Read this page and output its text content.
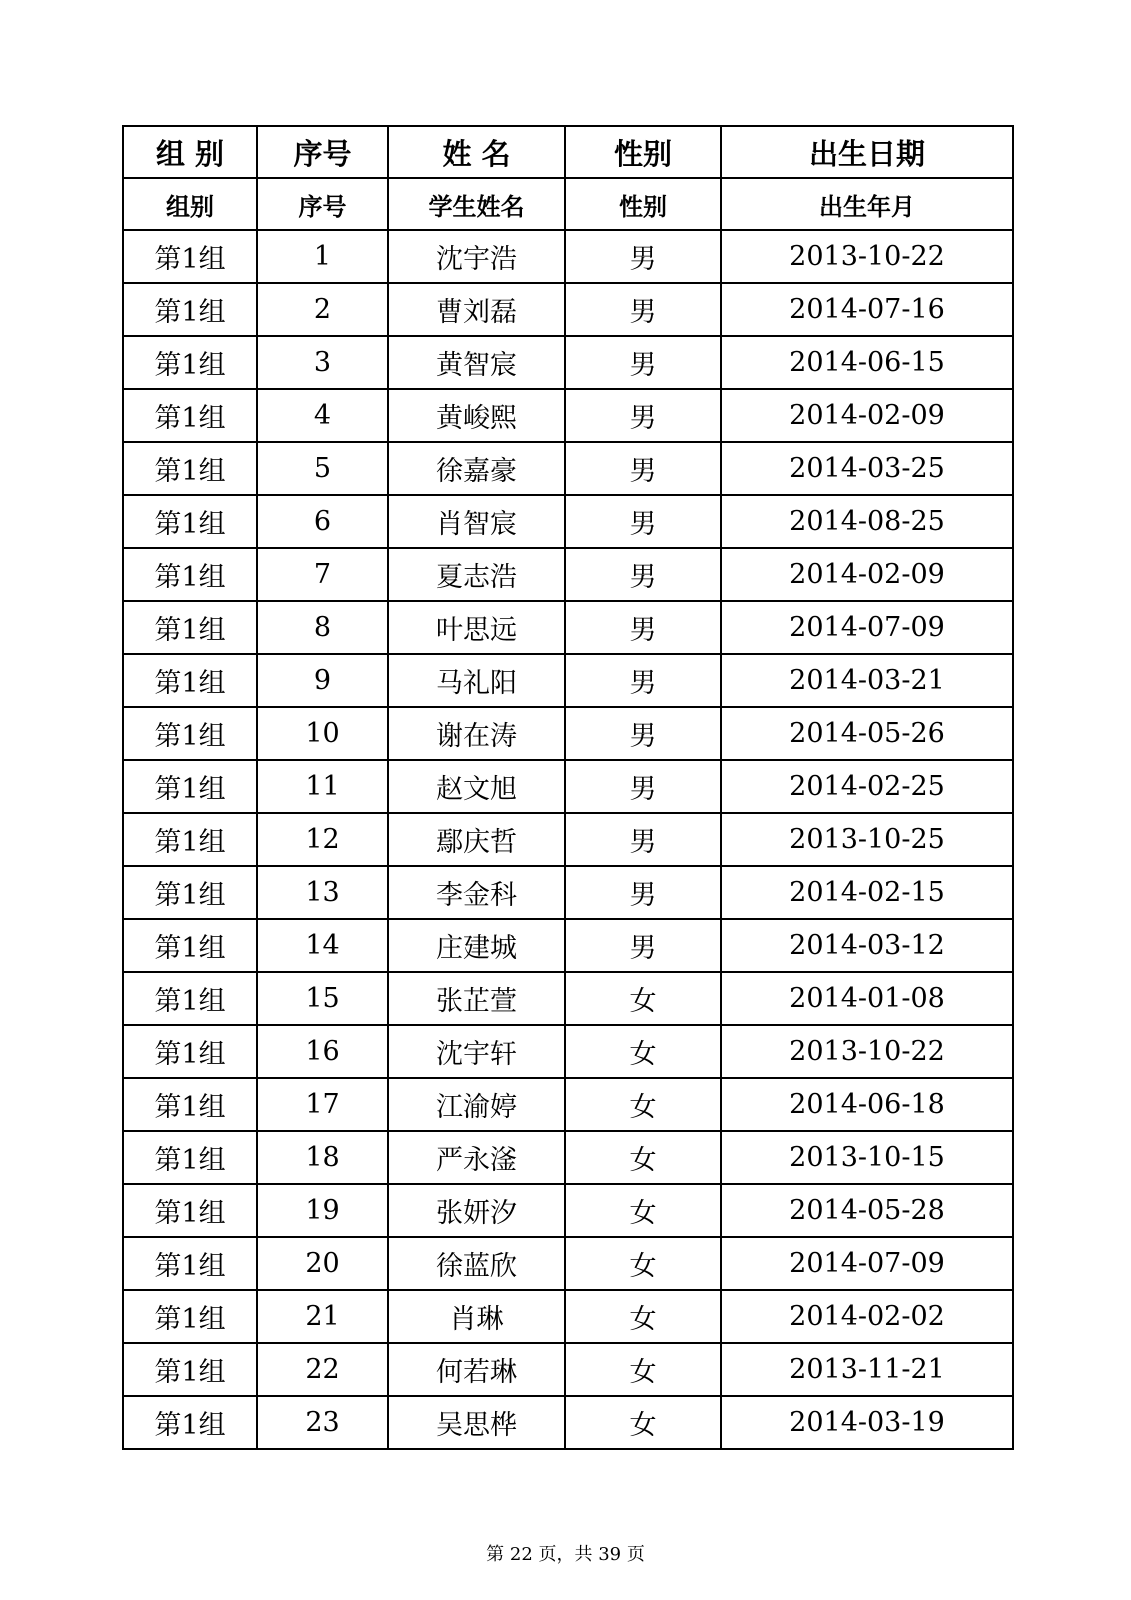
组 别	序号	姓 名	性别	出生日期
组别	序号	学生姓名	性别	出生年月
第1组	1	沈宇浩	男	2013-10-22
第1组	2	曹刘磊	男	2014-07-16
第1组	3	黄智宸	男	2014-06-15
第1组	4	黄峻熙	男	2014-02-09
第1组	5	徐嘉豪	男	2014-03-25
第1组	6	肖智宸	男	2014-08-25
第1组	7	夏志浩	男	2014-02-09
第1组	8	叶思远	男	2014-07-09
第1组	9	马礼阳	男	2014-03-21
第1组	10	谢在涛	男	2014-05-26
第1组	11	赵文旭	男	2014-02-25
第1组	12	鄢庆哲	男	2013-10-25
第1组	13	李金科	男	2014-02-15
第1组	14	庄建城	男	2014-03-12
第1组	15	张芷萱	女	2014-01-08
第1组	16	沈宇轩	女	2013-10-22
第1组	17	江渝婷	女	2014-06-18
第1组	18	严永滏	女	2013-10-15
第1组	19	张妍汐	女	2014-05-28
第1组	20	徐蓝欣	女	2014-07-09
第1组	21	肖琳	女	2014-02-02
第1组	22	何若琳	女	2013-11-21
第1组	23	吴思桦	女	2014-03-19
第 22 页，共 39 页
